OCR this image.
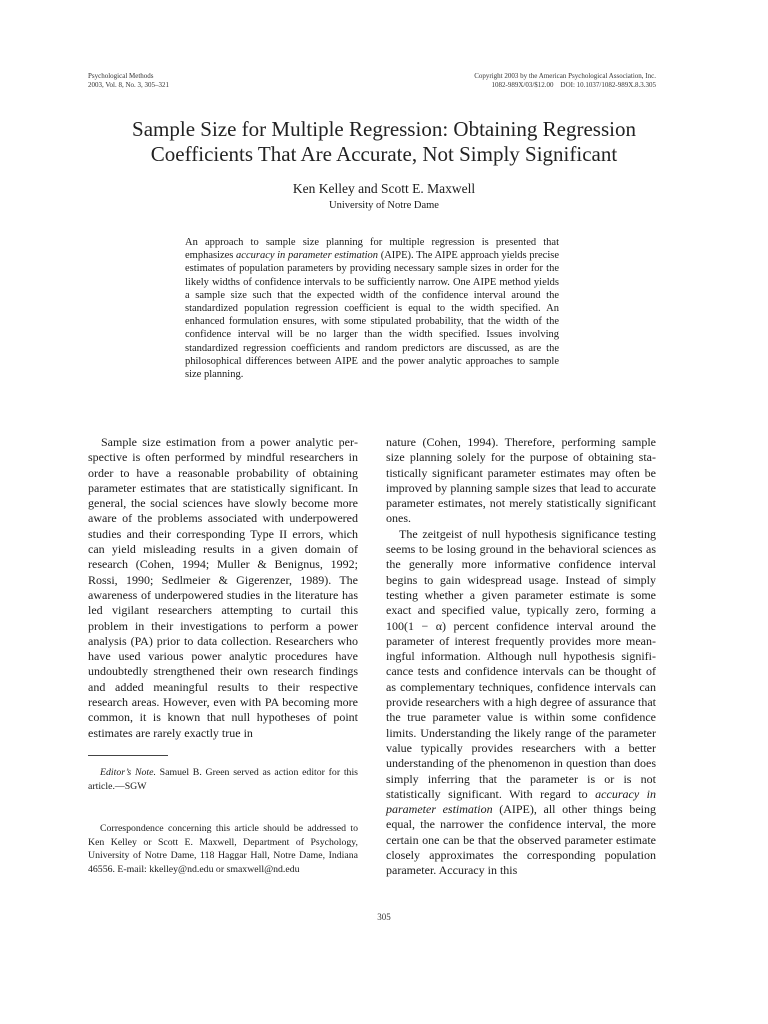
Psychological Methods
2003, Vol. 8, No. 3, 305–321
Copyright 2003 by the American Psychological Association, Inc.
1082-989X/03/$12.00    DOI: 10.1037/1082-989X.8.3.305
Sample Size for Multiple Regression: Obtaining Regression
Coefficients That Are Accurate, Not Simply Significant
Ken Kelley and Scott E. Maxwell
University of Notre Dame
An approach to sample size planning for multiple regression is presented that emphasizes accuracy in parameter estimation (AIPE). The AIPE approach yields precise estimates of population parameters by providing necessary sample sizes in order for the likely widths of confidence intervals to be sufficiently narrow. One AIPE method yields a sample size such that the expected width of the confidence interval around the standardized population regression coefficient is equal to the width specified. An enhanced formulation ensures, with some stipulated probability, that the width of the confidence interval will be no larger than the width specified. Issues involving standardized regression coefficients and random predictors are discussed, as are the philosophical differences between AIPE and the power analytic approaches to sample size planning.

Sample size estimation from a power analytic perspective is often performed by mindful researchers in order to have a reasonable probability of obtaining parameter estimates that are statistically significant. In general, the social sciences have slowly become more aware of the problems associated with underpowered studies and their corresponding Type II errors, which can yield misleading results in a given domain of research (Cohen, 1994; Muller & Benignus, 1992; Rossi, 1990; Sedlmeier & Gigerenzer, 1989). The awareness of underpowered studies in the literature has led vigilant researchers attempting to curtail this problem in their investigations to perform a power analysis (PA) prior to data collection. Researchers who have used various power analytic procedures have undoubtedly strengthened their own research findings and added meaningful results to their respective research areas. However, even with PA becoming more common, it is known that null hypotheses of point estimates are rarely exactly true in

nature (Cohen, 1994). Therefore, performing sample size planning solely for the purpose of obtaining statistically significant parameter estimates may often be improved by planning sample sizes that lead to accurate parameter estimates, not merely statistically significant ones.

The zeitgeist of null hypothesis significance testing seems to be losing ground in the behavioral sciences as the generally more informative confidence interval begins to gain widespread usage. Instead of simply testing whether a given parameter estimate is some exact and specified value, typically zero, forming a 100(1 − α) percent confidence interval around the parameter of interest frequently provides more meaningful information. Although null hypothesis significance tests and confidence intervals can be thought of as complementary techniques, confidence intervals can provide researchers with a high degree of assurance that the true parameter value is within some confidence limits. Understanding the likely range of the parameter value typically provides researchers with a better understanding of the phenomenon in question than does simply inferring that the parameter is or is not statistically significant. With regard to accuracy in parameter estimation (AIPE), all other things being equal, the narrower the confidence interval, the more certain one can be that the observed parameter estimate closely approximates the corresponding population parameter. Accuracy in this

Editor’s Note. Samuel B. Green served as action editor for this article.—SGW

Correspondence concerning this article should be addressed to Ken Kelley or Scott E. Maxwell, Department of Psychology, University of Notre Dame, 118 Haggar Hall, Notre Dame, Indiana 46556. E-mail: kkelley@nd.edu or smaxwell@nd.edu

305
